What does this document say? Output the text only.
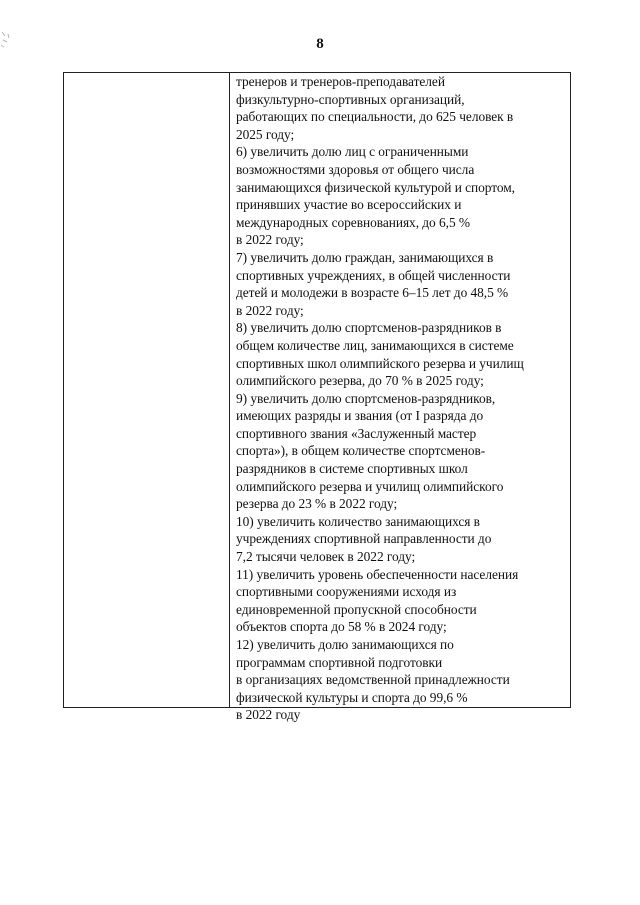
8
тренеров и тренеров-преподавателей
физкультурно-спортивных организаций,
работающих по специальности, до 625 человек в
2025 году;
6) увеличить долю лиц с ограниченными
возможностями здоровья от общего числа
занимающихся физической культурой и спортом,
принявших участие во всероссийских и
международных соревнованиях, до 6,5 %
в 2022 году;
7) увеличить долю граждан, занимающихся в
спортивных учреждениях, в общей численности
детей и молодежи в возрасте 6–15 лет до 48,5 %
в 2022 году;
8) увеличить долю спортсменов-разрядников в
общем количестве лиц, занимающихся в системе
спортивных школ олимпийского резерва и училищ
олимпийского резерва, до 70 % в 2025 году;
9) увеличить долю спортсменов-разрядников,
имеющих разряды и звания (от I разряда до
спортивного звания «Заслуженный мастер
спорта»), в общем количестве спортсменов-
разрядников в системе спортивных школ
олимпийского резерва и училищ олимпийского
резерва до 23 % в 2022 году;
10) увеличить количество занимающихся в
учреждениях спортивной направленности до
7,2 тысячи человек в 2022 году;
11) увеличить уровень обеспеченности населения
спортивными сооружениями исходя из
единовременной пропускной способности
объектов спорта до 58 % в 2024 году;
12) увеличить долю занимающихся по
программам спортивной подготовки
в организациях ведомственной принадлежности
физической культуры и спорта до 99,6 %
в 2022 году
